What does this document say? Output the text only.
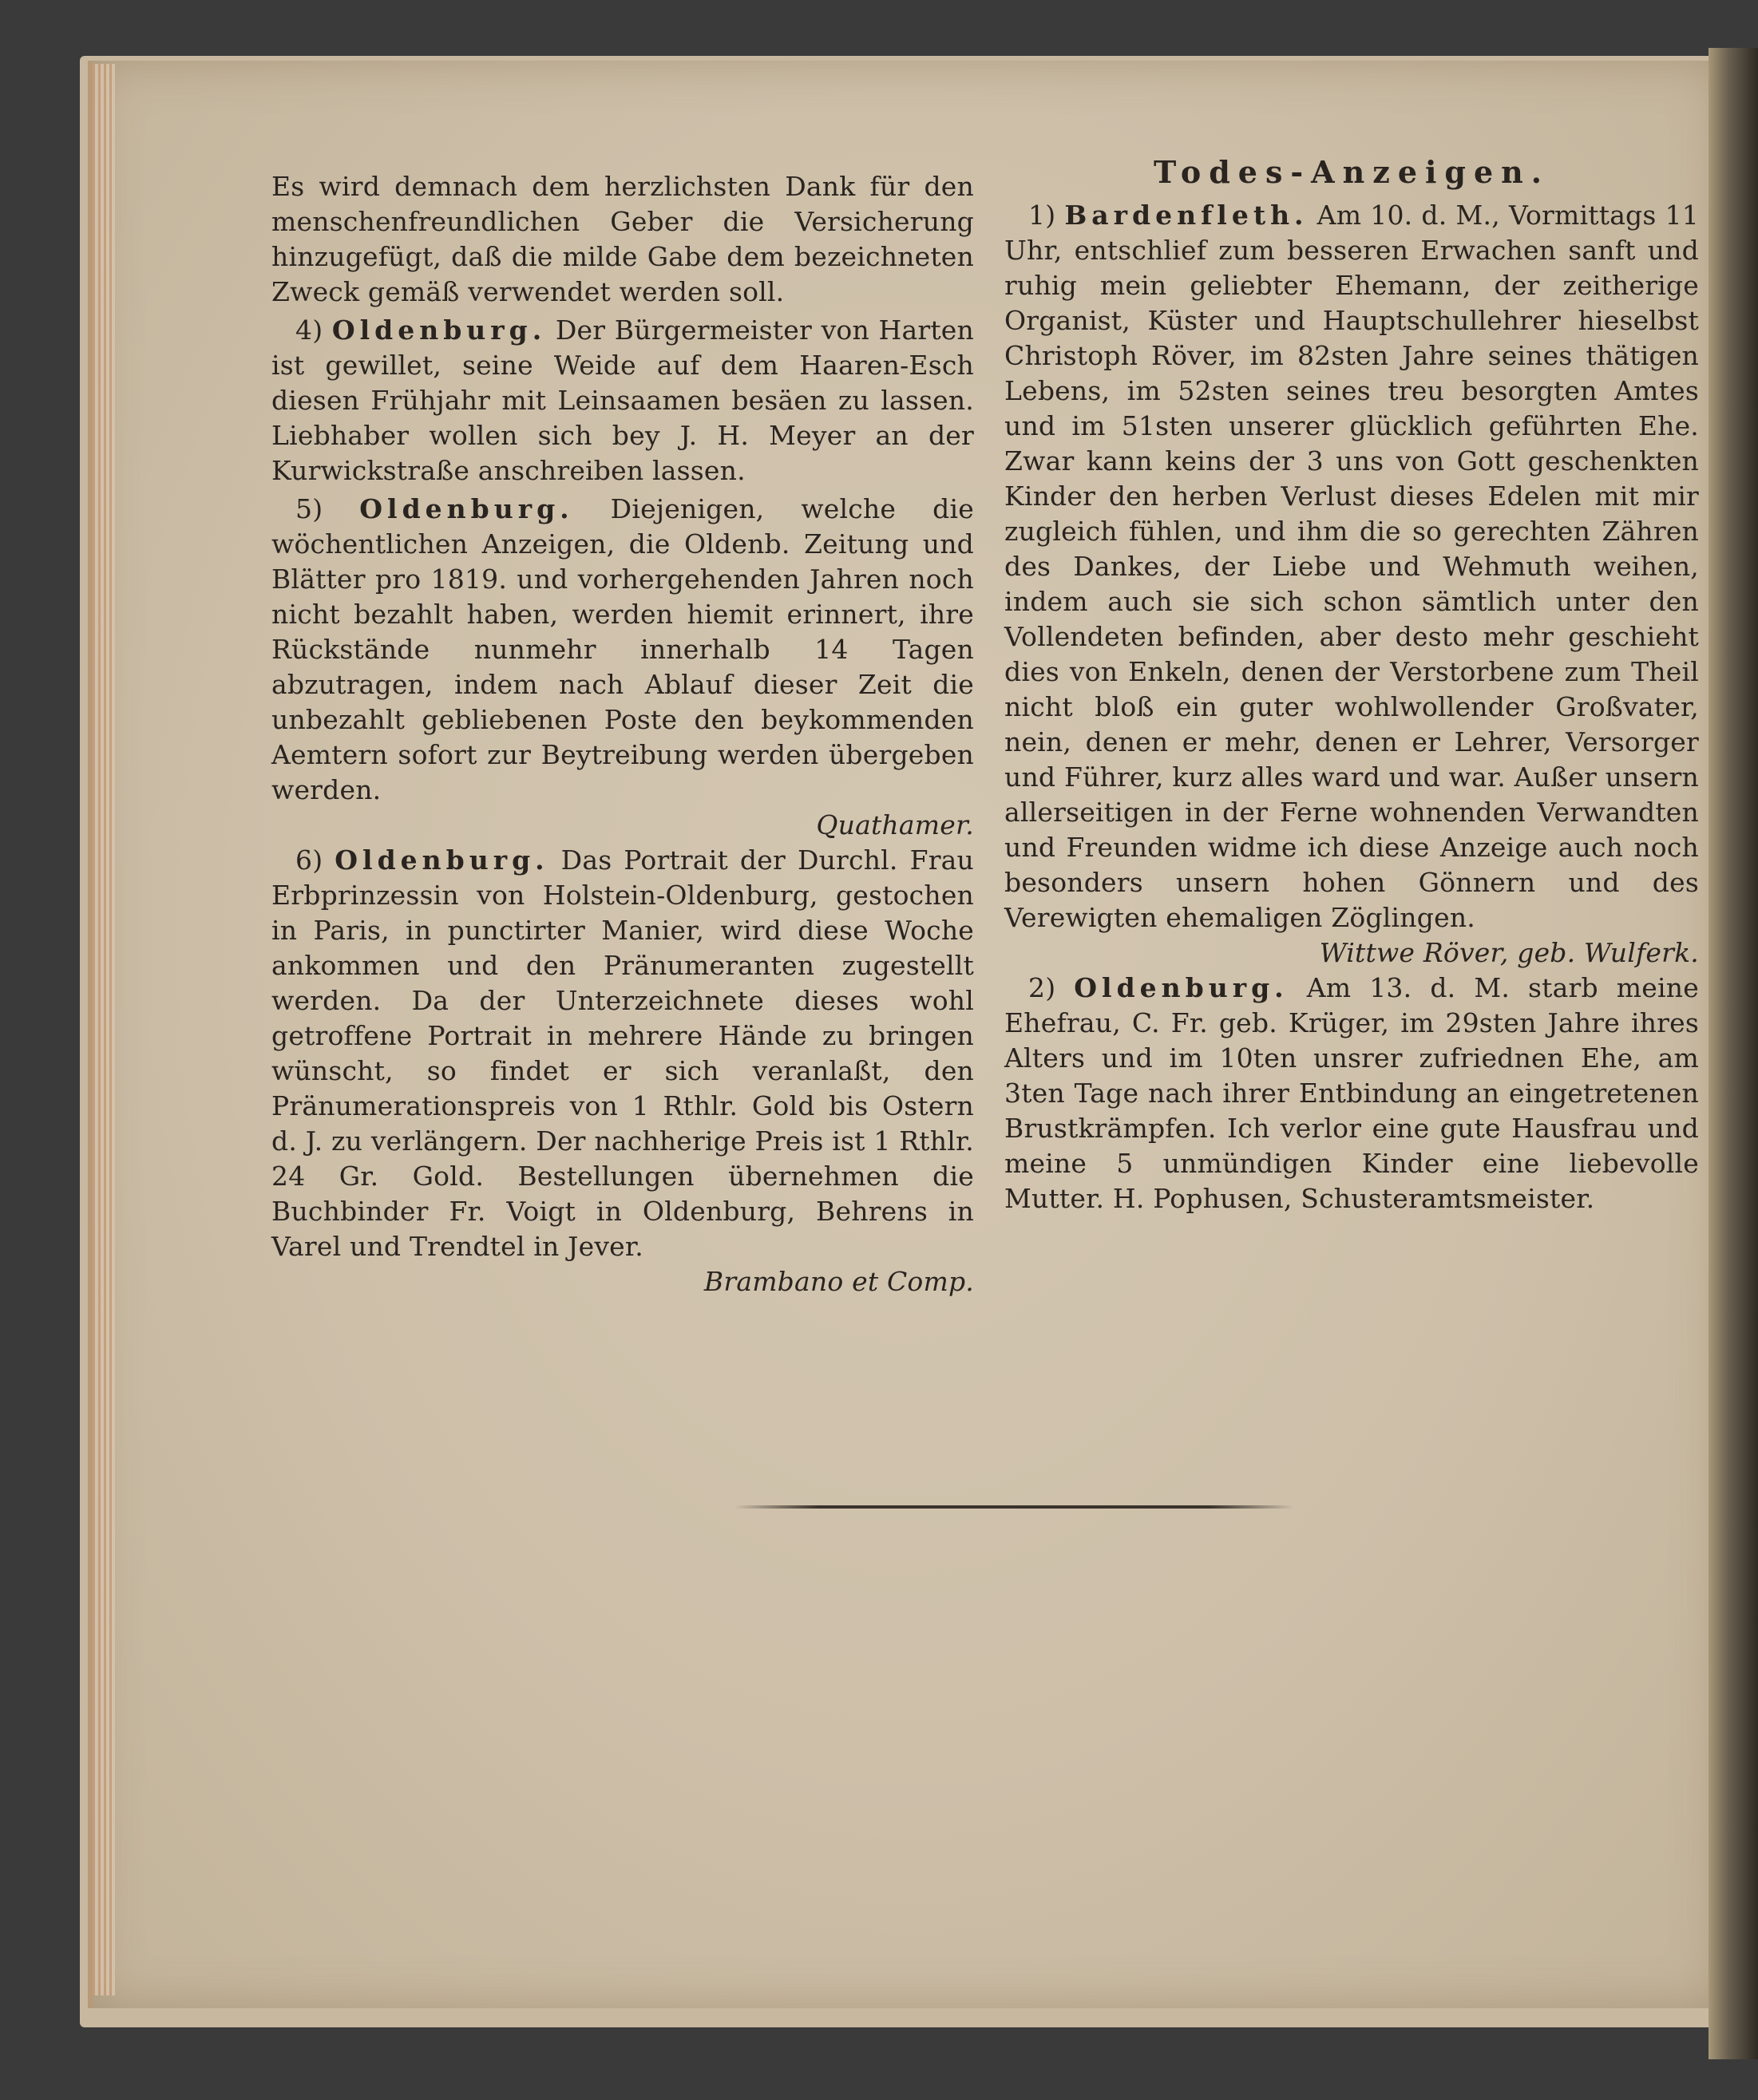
Es wird demnach dem herzlichsten Dank für den menschenfreundlichen Geber die Versicherung hinzugefügt, daß die milde Gabe dem bezeichneten Zweck gemäß verwendet werden soll.

4) Oldenburg. Der Bürgermeister von Harten ist gewillet, seine Weide auf dem Haaren-Esch diesen Frühjahr mit Leinsaamen besäen zu lassen. Liebhaber wollen sich bey J. H. Meyer an der Kurwickstraße anschreiben lassen.

5) Oldenburg. Diejenigen, welche die wöchentlichen Anzeigen, die Oldenb. Zeitung und Blätter pro 1819. und vorhergehenden Jahren noch nicht bezahlt haben, werden hiemit erinnert, ihre Rückstände nunmehr innerhalb 14 Tagen abzutragen, indem nach Ablauf dieser Zeit die unbezahlt gebliebenen Poste den beykommenden Aemtern sofort zur Beytreibung werden übergeben werden.

Quathamer.

6) Oldenburg. Das Portrait der Durchl. Frau Erbprinzessin von Holstein-Oldenburg, gestochen in Paris, in punctirter Manier, wird diese Woche ankommen und den Pränumeranten zugestellt werden. Da der Unterzeichnete dieses wohl getroffene Portrait in mehrere Hände zu bringen wünscht, so findet er sich veranlaßt, den Pränumerationspreis von 1 Rthlr. Gold bis Ostern d. J. zu verlängern. Der nachherige Preis ist 1 Rthlr. 24 Gr. Gold. Bestellungen übernehmen die Buchbinder Fr. Voigt in Oldenburg, Behrens in Varel und Trendtel in Jever.

Brambano et Comp.

Todes-Anzeigen.

1) Bardenfleth. Am 10. d. M., Vormittags 11 Uhr, entschlief zum besseren Erwachen sanft und ruhig mein geliebter Ehemann, der zeitherige Organist, Küster und Hauptschullehrer hieselbst Christoph Röver, im 82sten Jahre seines thätigen Lebens, im 52sten seines treu besorgten Amtes und im 51sten unserer glücklich geführten Ehe. Zwar kann keins der 3 uns von Gott geschenkten Kinder den herben Verlust dieses Edelen mit mir zugleich fühlen, und ihm die so gerechten Zähren des Dankes, der Liebe und Wehmuth weihen, indem auch sie sich schon sämtlich unter den Vollendeten befinden, aber desto mehr geschieht dies von Enkeln, denen der Verstorbene zum Theil nicht bloß ein guter wohlwollender Großvater, nein, denen er mehr, denen er Lehrer, Versorger und Führer, kurz alles ward und war. Außer unsern allerseitigen in der Ferne wohnenden Verwandten und Freunden widme ich diese Anzeige auch noch besonders unsern hohen Gönnern und des Verewigten ehemaligen Zöglingen.

Wittwe Röver, geb. Wulferk.

2) Oldenburg. Am 13. d. M. starb meine Ehefrau, C. Fr. geb. Krüger, im 29sten Jahre ihres Alters und im 10ten unsrer zufriednen Ehe, am 3ten Tage nach ihrer Entbindung an eingetretenen Brustkrämpfen. Ich verlor eine gute Hausfrau und meine 5 unmündigen Kinder eine liebevolle Mutter. H. Pophusen, Schusteramtsmeister.
